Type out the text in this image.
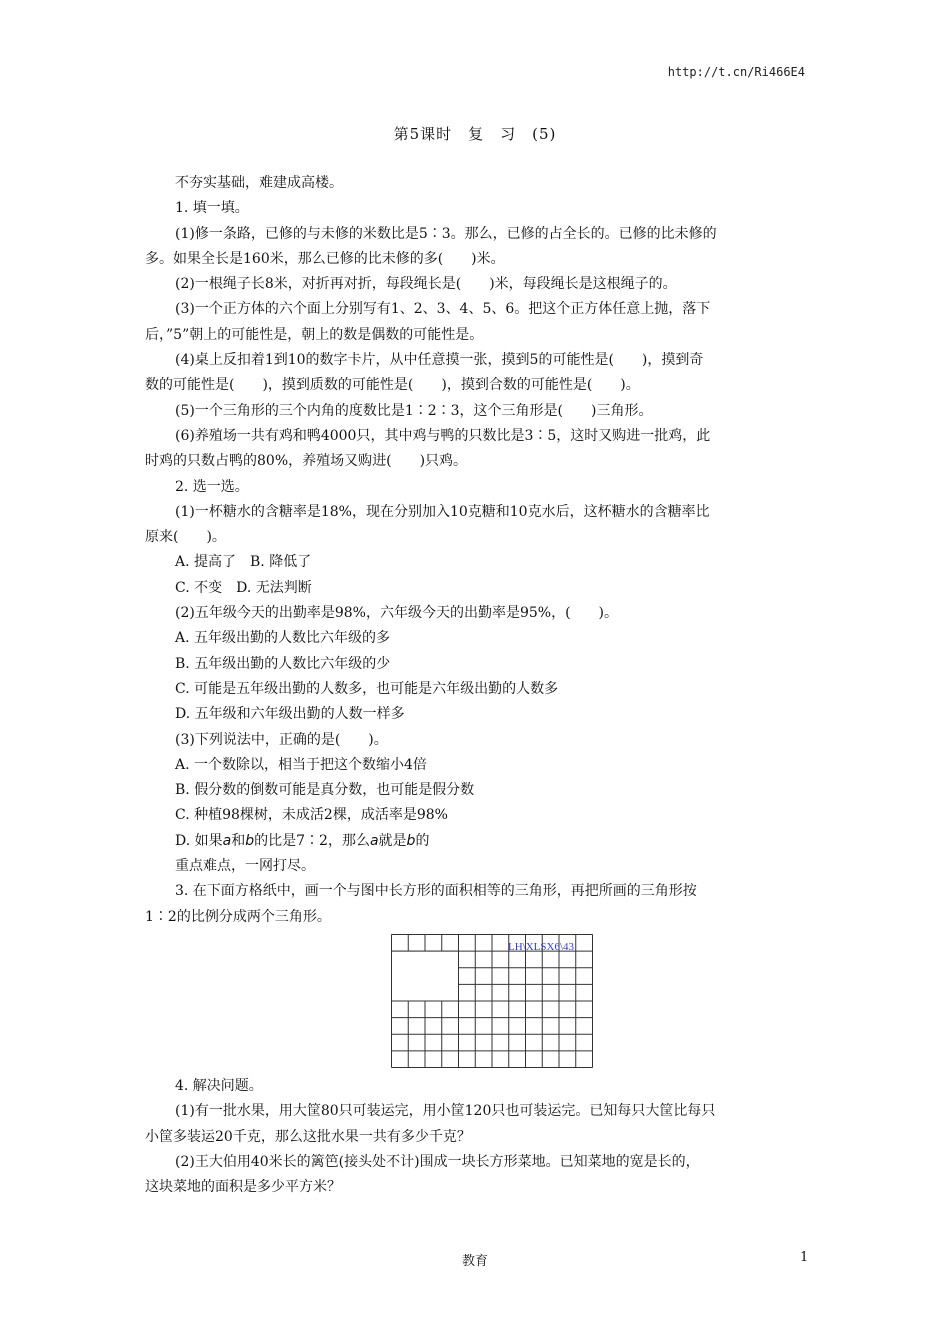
http://t.cn/Ri466E4
第5课时 复 习 (5)

不夯实基础，难建成高楼。

1. 填一填。

(1)修一条路，已修的与未修的米数比是5∶3。那么，已修的占全长的。已修的比未修的

多。如果全长是160米，那么已修的比未修的多(　　)米。

(2)一根绳子长8米，对折再对折，每段绳长是(　　)米，每段绳长是这根绳子的。

(3)一个正方体的六个面上分别写有1、2、3、4、5、6。把这个正方体任意上抛，落下

后，”5”朝上的可能性是，朝上的数是偶数的可能性是。

(4)桌上反扣着1到10的数字卡片，从中任意摸一张，摸到5的可能性是(　　)，摸到奇

数的可能性是(　　)，摸到质数的可能性是(　　)，摸到合数的可能性是(　　)。

(5)一个三角形的三个内角的度数比是1∶2∶3，这个三角形是(　　)三角形。

(6)养殖场一共有鸡和鸭4000只，其中鸡与鸭的只数比是3∶5，这时又购进一批鸡，此

时鸡的只数占鸭的80%，养殖场又购进(　　)只鸡。

2. 选一选。

(1)一杯糖水的含糖率是18%，现在分别加入10克糖和10克水后，这杯糖水的含糖率比

原来(　　)。

A. 提高了　B. 降低了

C. 不变　D. 无法判断

(2)五年级今天的出勤率是98%，六年级今天的出勤率是95%，(　　)。

A. 五年级出勤的人数比六年级的多

B. 五年级出勤的人数比六年级的少

C. 可能是五年级出勤的人数多，也可能是六年级出勤的人数多

D. 五年级和六年级出勤的人数一样多

(3)下列说法中，正确的是(　　)。

A. 一个数除以，相当于把这个数缩小4倍

B. 假分数的倒数可能是真分数，也可能是假分数

C. 种植98棵树，未成活2棵，成活率是98%

D. 如果a和b的比是7∶2，那么a就是b的

重点难点，一网打尽。

3. 在下面方格纸中，画一个与图中长方形的面积相等的三角形，再把所画的三角形按

1∶2的比例分成两个三角形。

LH\XLSX6\43

4. 解决问题。

(1)有一批水果，用大筐80只可装运完，用小筐120只也可装运完。已知每只大筐比每只

小筐多装运20千克，那么这批水果一共有多少千克？

(2)王大伯用40米长的篱笆(接头处不计)围成一块长方形菜地。已知菜地的宽是长的，

这块菜地的面积是多少平方米？

教育	1
